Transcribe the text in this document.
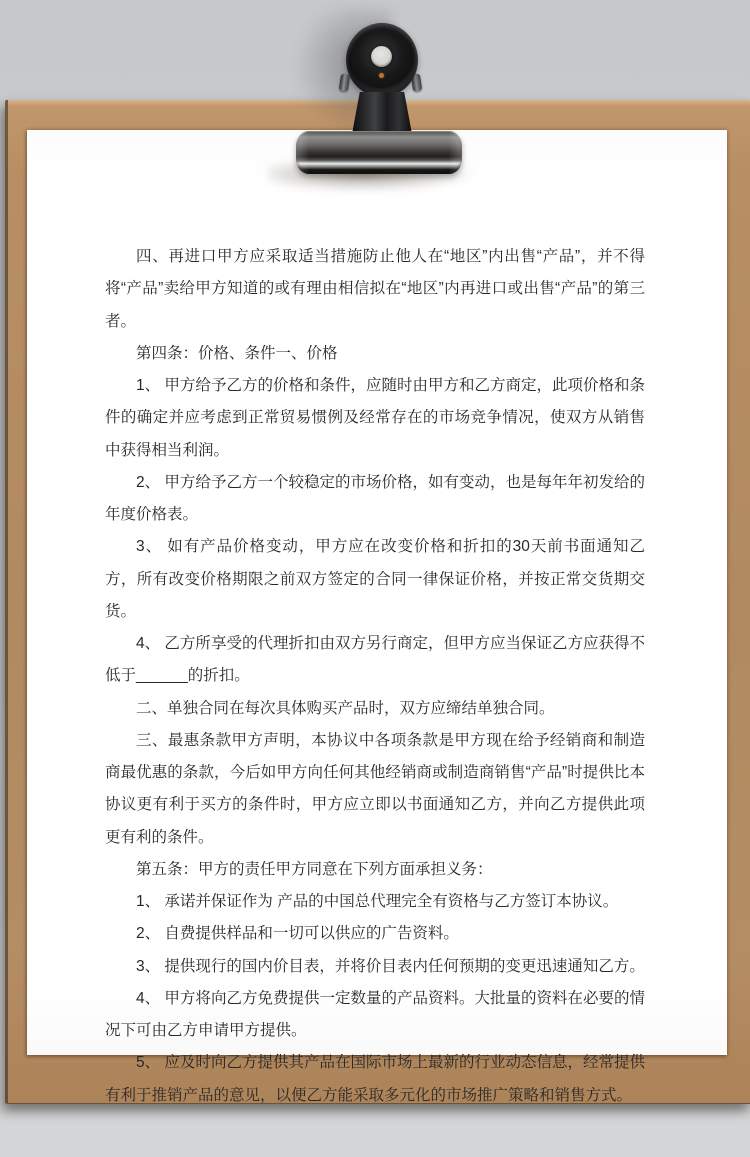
四、再进口甲方应采取适当措施防止他人在“地区”内出售“产品”，并不得将“产品”卖给甲方知道的或有理由相信拟在“地区”内再进口或出售“产品”的第三者。

第四条：价格、条件一、价格

1、 甲方给予乙方的价格和条件，应随时由甲方和乙方商定，此项价格和条件的确定并应考虑到正常贸易惯例及经常存在的市场竞争情况，使双方从销售中获得相当利润。

2、 甲方给予乙方一个较稳定的市场价格，如有变动，也是每年年初发给的年度价格表。

3、 如有产品价格变动，甲方应在改变价格和折扣的30天前书面通知乙方，所有改变价格期限之前双方签定的合同一律保证价格，并按正常交货期交货。

4、 乙方所享受的代理折扣由双方另行商定，但甲方应当保证乙方应获得不低于______的折扣。

二、单独合同在每次具体购买产品时，双方应缔结单独合同。

三、最惠条款甲方声明，本协议中各项条款是甲方现在给予经销商和制造商最优惠的条款，今后如甲方向任何其他经销商或制造商销售“产品”时提供比本协议更有利于买方的条件时，甲方应立即以书面通知乙方，并向乙方提供此项更有利的条件。

第五条：甲方的责任甲方同意在下列方面承担义务：

1、 承诺并保证作为 产品的中国总代理完全有资格与乙方签订本协议。

2、 自费提供样品和一切可以供应的广告资料。

3、 提供现行的国内价目表，并将价目表内任何预期的变更迅速通知乙方。

4、 甲方将向乙方免费提供一定数量的产品资料。大批量的资料在必要的情况下可由乙方申请甲方提供。

5、 应及时向乙方提供其产品在国际市场上最新的行业动态信息，经常提供有利于推销产品的意见，以便乙方能采取多元化的市场推广策略和销售方式。
